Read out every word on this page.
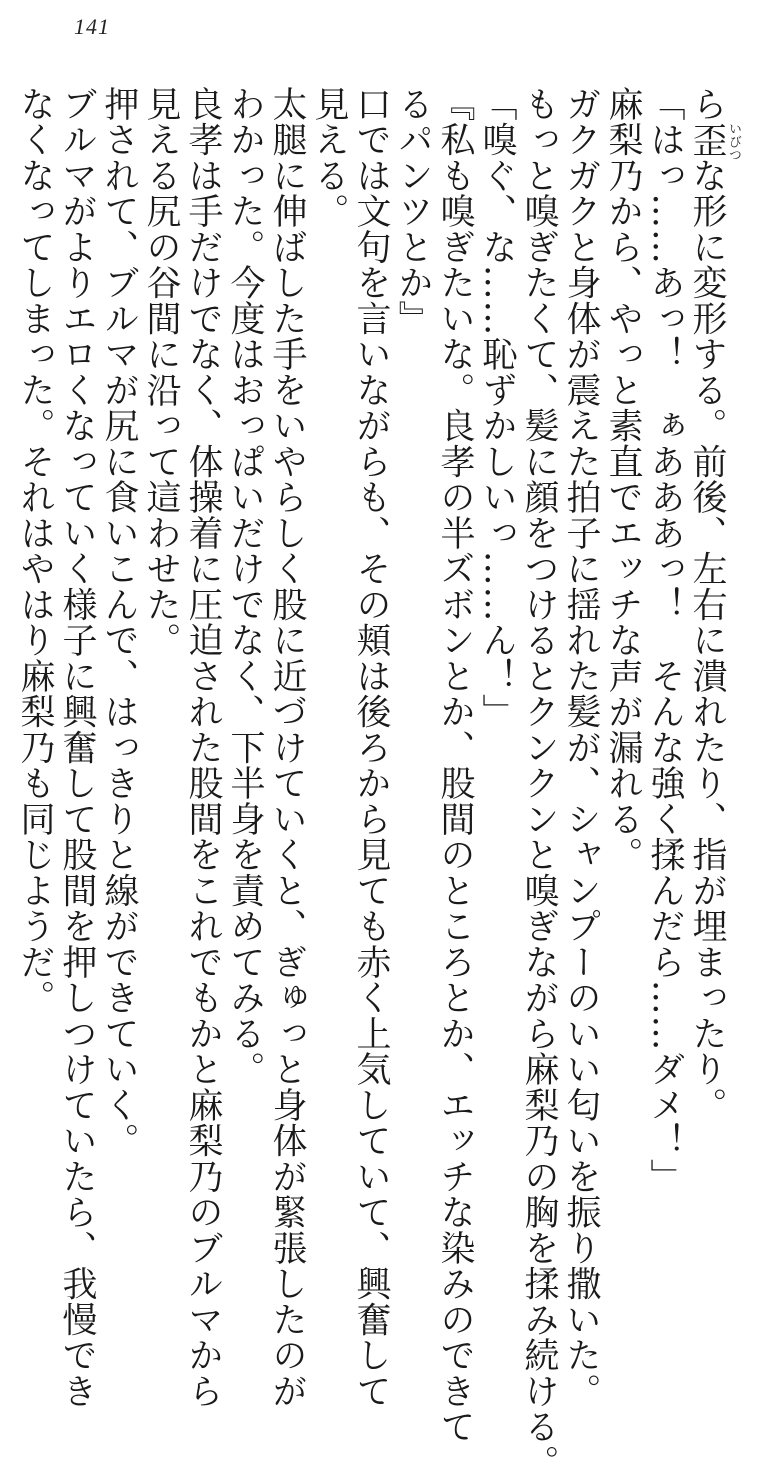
141
ら歪 いびつ
な形に変形する。前後、左右に潰れたり、指が埋まったり。
「はっ……あっ！　ぁあああっ！　そんな強く揉んだら……ダメ！」
麻梨乃から、やっと素直でエッチな声が漏れる。
ガクガクと身体が震えた拍子に揺れた髪が、シャンプーのいい匂いを振り撒いた。
もっと嗅ぎたくて、髪に顔をつけるとクンクンと嗅ぎながら麻梨乃の胸を揉み続ける。
「嗅ぐ、な……恥ずかしいっ……ん！」
『私も嗅ぎたいな。良孝の半ズボンとか、股間のところとか、エッチな染みのできて
るパンツとか』
口では文句を言いながらも、その頬は後ろから見ても赤く上気していて、興奮して
見える。
太腿に伸ばした手をいやらしく股に近づけていくと、ぎゅっと身体が緊張したのが
わかった。今度はおっぱいだけでなく、下半身を責めてみる。
良孝は手だけでなく、体操着に圧迫された股間をこれでもかと麻梨乃のブルマから
見える尻の谷間に沿って這わせた。
押されて、ブルマが尻に食いこんで、はっきりと線ができていく。
ブルマがよりエロくなっていく様子に興奮して股間を押しつけていたら、我慢でき
なくなってしまった。それはやはり麻梨乃も同じようだ。
